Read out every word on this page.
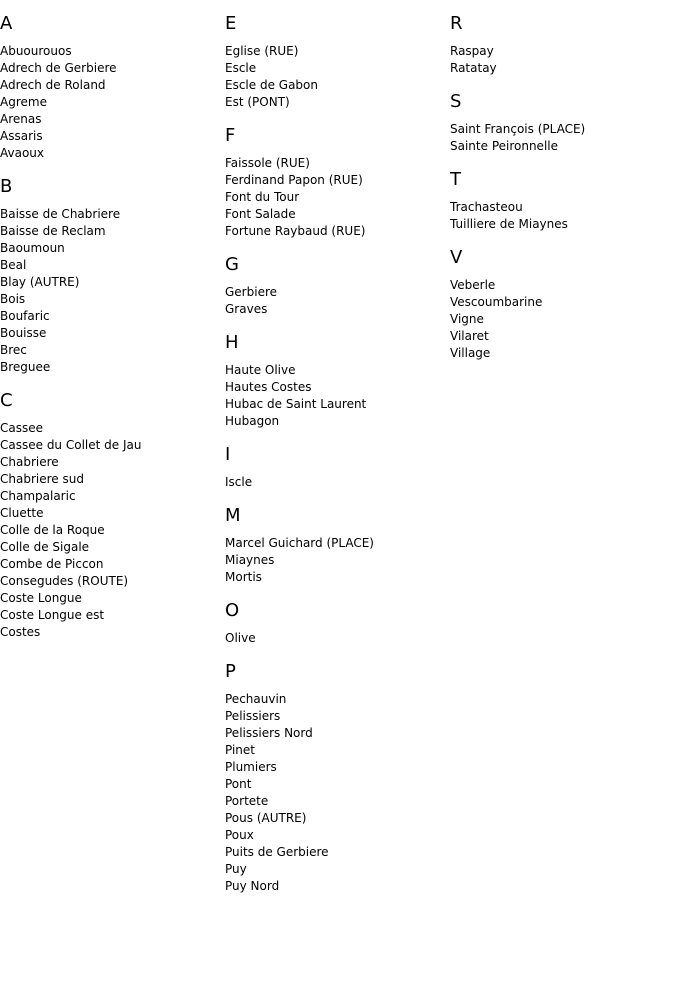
A
Abuourouos
Adrech de Gerbiere
Adrech de Roland
Agreme
Arenas
Assaris
Avaoux
B
Baisse de Chabriere
Baisse de Reclam
Baoumoun
Beal
Blay (AUTRE)
Bois
Boufaric
Bouisse
Brec
Breguee
C
Cassee
Cassee du Collet de Jau
Chabriere
Chabriere sud
Champalaric
Cluette
Colle de la Roque
Colle de Sigale
Combe de Piccon
Consegudes (ROUTE)
Coste Longue
Coste Longue est
Costes
E
Eglise (RUE)
Escle
Escle de Gabon
Est (PONT)
F
Faissole (RUE)
Ferdinand Papon (RUE)
Font du Tour
Font Salade
Fortune Raybaud (RUE)
G
Gerbiere
Graves
H
Haute Olive
Hautes Costes
Hubac de Saint Laurent
Hubagon
I
Iscle
M
Marcel Guichard (PLACE)
Miaynes
Mortis
O
Olive
P
Pechauvin
Pelissiers
Pelissiers Nord
Pinet
Plumiers
Pont
Portete
Pous (AUTRE)
Poux
Puits de Gerbiere
Puy
Puy Nord
R
Raspay
Ratatay
S
Saint François (PLACE)
Sainte Peironnelle
T
Trachasteou
Tuilliere de Miaynes
V
Veberle
Vescoumbarine
Vigne
Vilaret
Village
